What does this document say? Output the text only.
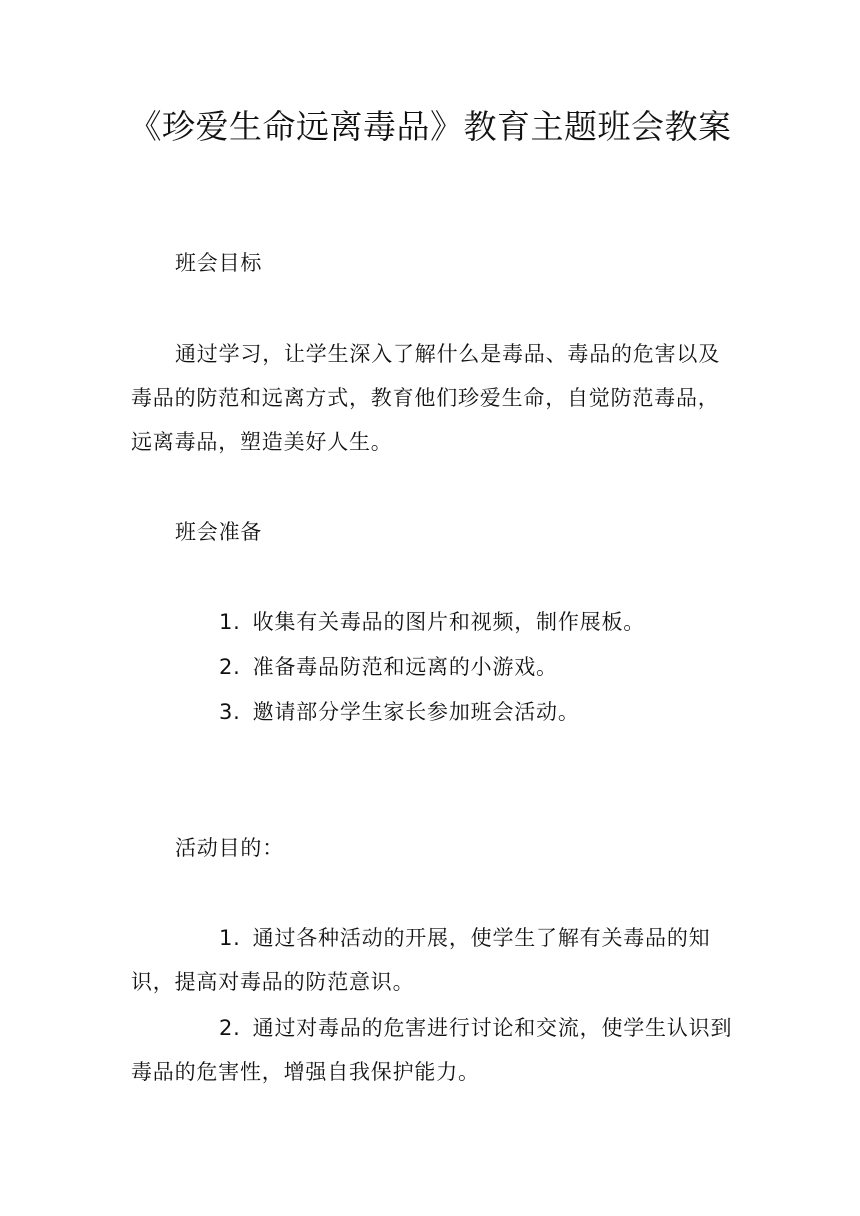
《珍爱生命远离毒品》教育主题班会教案
班会目标
通过学习，让学生深入了解什么是毒品、毒品的危害以及毒品的防范和远离方式，教育他们珍爱生命，自觉防范毒品，远离毒品，塑造美好人生。
班会准备
1. 收集有关毒品的图片和视频，制作展板。
2. 准备毒品防范和远离的小游戏。
3. 邀请部分学生家长参加班会活动。
活动目的：
1. 通过各种活动的开展，使学生了解有关毒品的知识，提高对毒品的防范意识。
2. 通过对毒品的危害进行讨论和交流，使学生认识到毒品的危害性，增强自我保护能力。
